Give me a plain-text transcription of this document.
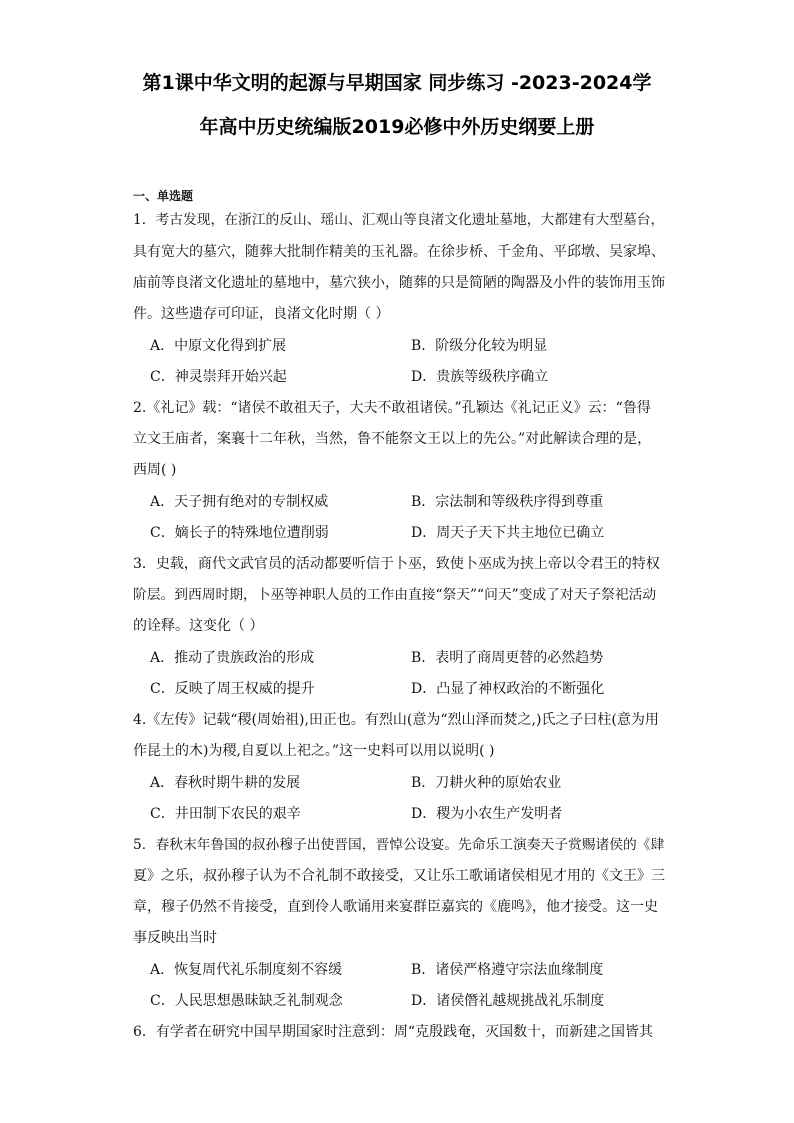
第1课中华文明的起源与早期国家 同步练习 -2023-2024学
年高中历史统编版2019必修中外历史纲要上册
一、单选题
1．考古发现，在浙江的反山、瑶山、汇观山等良渚文化遗址墓地，大都建有大型墓台，
具有宽大的墓穴，随葬大批制作精美的玉礼器。在徐步桥、千金角、平邱墩、吴家埠、
庙前等良渚文化遗址的墓地中，墓穴狭小，随葬的只是简陋的陶器及小件的装饰用玉饰
件。这些遗存可印证，良渚文化时期（ ）
A．中原文化得到扩展	B．阶级分化较为明显
C．神灵崇拜开始兴起	D．贵族等级秩序确立
2.《礼记》载：“诸侯不敢祖天子，大夫不敢祖诸侯。”孔颖达《礼记正义》云：“鲁得
立文王庙者，案襄十二年秋，当然，鲁不能祭文王以上的先公。”对此解读合理的是，
西周( )
A．天子拥有绝对的专制权威	B．宗法制和等级秩序得到尊重
C．嫡长子的特殊地位遭削弱	D．周天子天下共主地位已确立
3．史载，商代文武官员的活动都要听信于卜巫，致使卜巫成为挟上帝以令君王的特权
阶层。到西周时期，卜巫等神职人员的工作由直接“祭天”“问天”变成了对天子祭祀活动
的诠释。这变化（ ）
A．推动了贵族政治的形成	B．表明了商周更替的必然趋势
C．反映了周王权威的提升	D．凸显了神权政治的不断强化
4.《左传》记载“稷(周始祖),田正也。有烈山(意为“烈山泽而焚之,)氏之子曰柱(意为用
作昆土的木)为稷,自夏以上祀之。”这一史料可以用以说明( )
A．春秋时期牛耕的发展	B．刀耕火种的原始农业
C．井田制下农民的艰辛	D．稷为小农生产发明者
5．春秋末年鲁国的叔孙穆子出使晋国，晋悼公设宴。先命乐工演奏天子赏赐诸侯的《肆
夏》之乐，叔孙穆子认为不合礼制不敢接受，又让乐工歌诵诸侯相见才用的《文王》三
章，穆子仍然不肯接受，直到伶人歌诵用来宴群臣嘉宾的《鹿鸣》，他才接受。这一史
事反映出当时
A．恢复周代礼乐制度刻不容缓	B．诸侯严格遵守宗法血缘制度
C．人民思想愚昧缺乏礼制观念	D．诸侯僭礼越规挑战礼乐制度
6．有学者在研究中国早期国家时注意到：周“克殷践奄，灭国数十，而新建之国皆其
